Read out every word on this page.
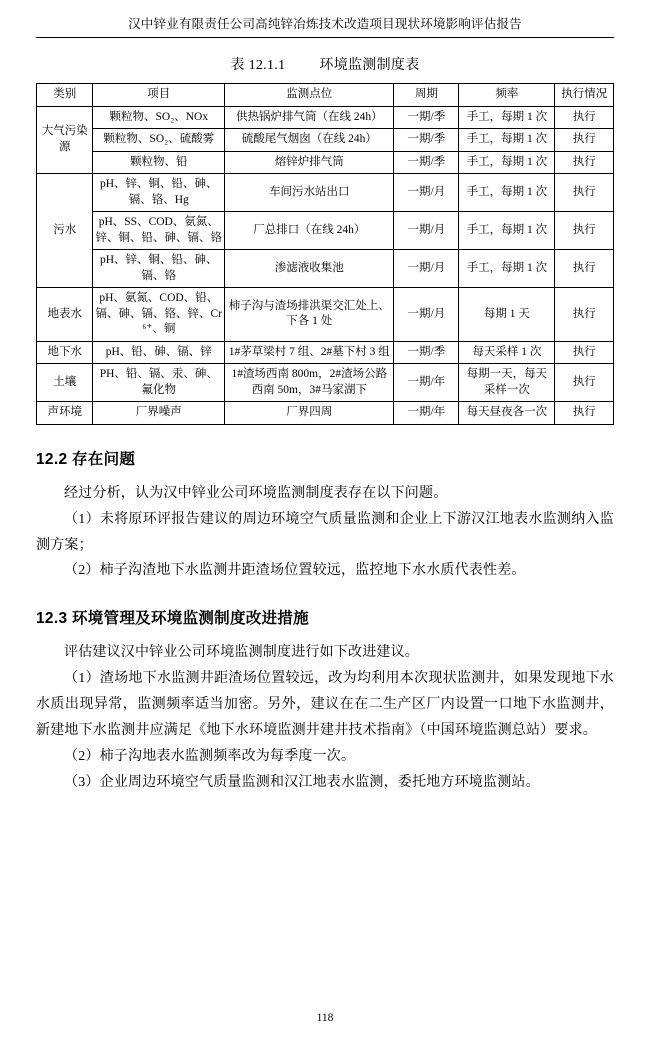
汉中锌业有限责任公司高纯锌冶炼技术改造项目现状环境影响评估报告
表 12.1.1 环境监测制度表
类别	项目	监测点位	周期	频率	执行情况
大气污染源	颗粒物、SO₂、NOx	供热锅炉排气筒（在线 24h）	一期/季	手工，每期 1 次	执行
	颗粒物、SO₂、硫酸雾	硫酸尾气烟囱（在线 24h）	一期/季	手工，每期 1 次	执行
	颗粒物、铅	熔锌炉排气筒	一期/季	手工，每期 1 次	执行
污水	pH、锌、铜、铅、砷、镉、铬、Hg	车间污水站出口	一期/月	手工，每期 1 次	执行
	pH、SS、COD、氨氮、锌、铜、铅、砷、镉、铬	厂总排口（在线 24h）	一期/月	手工，每期 1 次	执行
	pH、锌、铜、铅、砷、镉、铬	渗滤液收集池	一期/月	手工，每期 1 次	执行
地表水	pH、氨氮、COD、铅、镉、砷、镉、铬、锌、Cr⁶⁺、铜	柿子沟与渣场排洪渠交汇处上、下各 1 处	一期/月	每期 1 天	执行
地下水	pH、铅、砷、镉、锌	1#茅草梁村 7 组、2#墓下村 3 组	一期/季	每天采样 1 次	执行
土壤	PH、铅、镉、汞、砷、氟化物	1#渣场西南 800m，2#渣场公路西南 50m，3#马家湖下	一期/年	每期一天，每天采样一次	执行
声环境	厂界噪声	厂界四周	一期/年	每天昼夜各一次	执行
12.2 存在问题

经过分析，认为汉中锌业公司环境监测制度表存在以下问题。

（1）未将原环评报告建议的周边环境空气质量监测和企业上下游汉江地表水监测纳入监测方案；

（2）柿子沟渣地下水监测井距渣场位置较远，监控地下水水质代表性差。

12.3 环境管理及环境监测制度改进措施

评估建议汉中锌业公司环境监测制度进行如下改进建议。

（1）渣场地下水监测井距渣场位置较远，改为均利用本次现状监测井，如果发现地下水水质出现异常，监测频率适当加密。另外，建议在在二生产区厂内设置一口地下水监测井，新建地下水监测井应满足《地下水环境监测井建井技术指南》（中国环境监测总站）要求。

（2）柿子沟地表水监测频率改为每季度一次。

（3）企业周边环境空气质量监测和汉江地表水监测，委托地方环境监测站。

118
